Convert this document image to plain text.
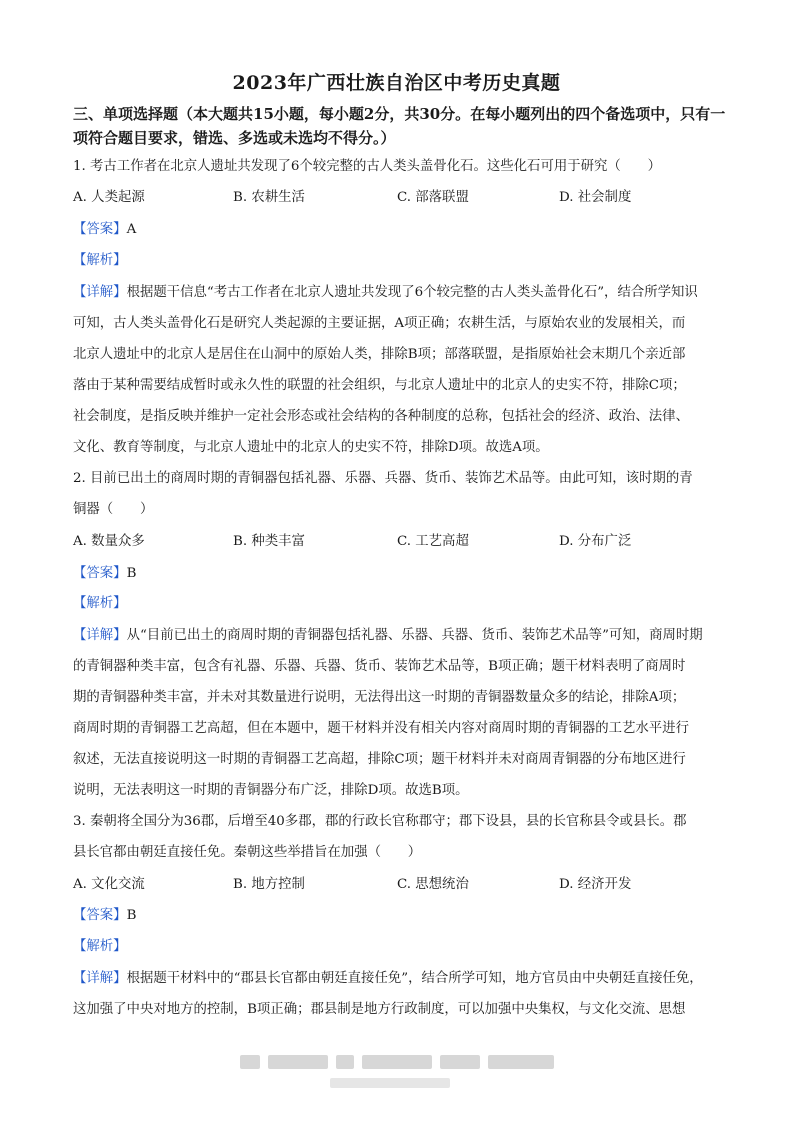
2023年广西壮族自治区中考历史真题
三、单项选择题（本大题共15小题，每小题2分，共30分。在每小题列出的四个备选项中，只有一项符合题目要求，错选、多选或未选均不得分。）
1. 考古工作者在北京人遗址共发现了6个较完整的古人类头盖骨化石。这些化石可用于研究（　　）
A. 人类起源	B. 农耕生活	C. 部落联盟	D. 社会制度
【答案】A
【解析】
【详解】根据题干信息“考古工作者在北京人遗址共发现了6个较完整的古人类头盖骨化石”，结合所学知识
可知，古人类头盖骨化石是研究人类起源的主要证据，A项正确；农耕生活，与原始农业的发展相关，而
北京人遗址中的北京人是居住在山洞中的原始人类，排除B项；部落联盟，是指原始社会末期几个亲近部
落由于某种需要结成暂时或永久性的联盟的社会组织，与北京人遗址中的北京人的史实不符，排除C项；
社会制度，是指反映并维护一定社会形态或社会结构的各种制度的总称，包括社会的经济、政治、法律、
文化、教育等制度，与北京人遗址中的北京人的史实不符，排除D项。故选A项。
2. 目前已出土的商周时期的青铜器包括礼器、乐器、兵器、货币、装饰艺术品等。由此可知，该时期的青
铜器（　　）
A. 数量众多	B. 种类丰富	C. 工艺高超	D. 分布广泛
【答案】B
【解析】
【详解】从“目前已出土的商周时期的青铜器包括礼器、乐器、兵器、货币、装饰艺术品等”可知，商周时期
的青铜器种类丰富，包含有礼器、乐器、兵器、货币、装饰艺术品等，B项正确；题干材料表明了商周时
期的青铜器种类丰富，并未对其数量进行说明，无法得出这一时期的青铜器数量众多的结论，排除A项；
商周时期的青铜器工艺高超，但在本题中，题干材料并没有相关内容对商周时期的青铜器的工艺水平进行
叙述，无法直接说明这一时期的青铜器工艺高超，排除C项；题干材料并未对商周青铜器的分布地区进行
说明，无法表明这一时期的青铜器分布广泛，排除D项。故选B项。
3. 秦朝将全国分为36郡，后增至40多郡，郡的行政长官称郡守；郡下设县，县的长官称县令或县长。郡
县长官都由朝廷直接任免。秦朝这些举措旨在加强（　　）
A. 文化交流	B. 地方控制	C. 思想统治	D. 经济开发
【答案】B
【解析】
【详解】根据题干材料中的“郡县长官都由朝廷直接任免”，结合所学可知，地方官员由中央朝廷直接任免，
这加强了中央对地方的控制，B项正确；郡县制是地方行政制度，可以加强中央集权，与文化交流、思想
